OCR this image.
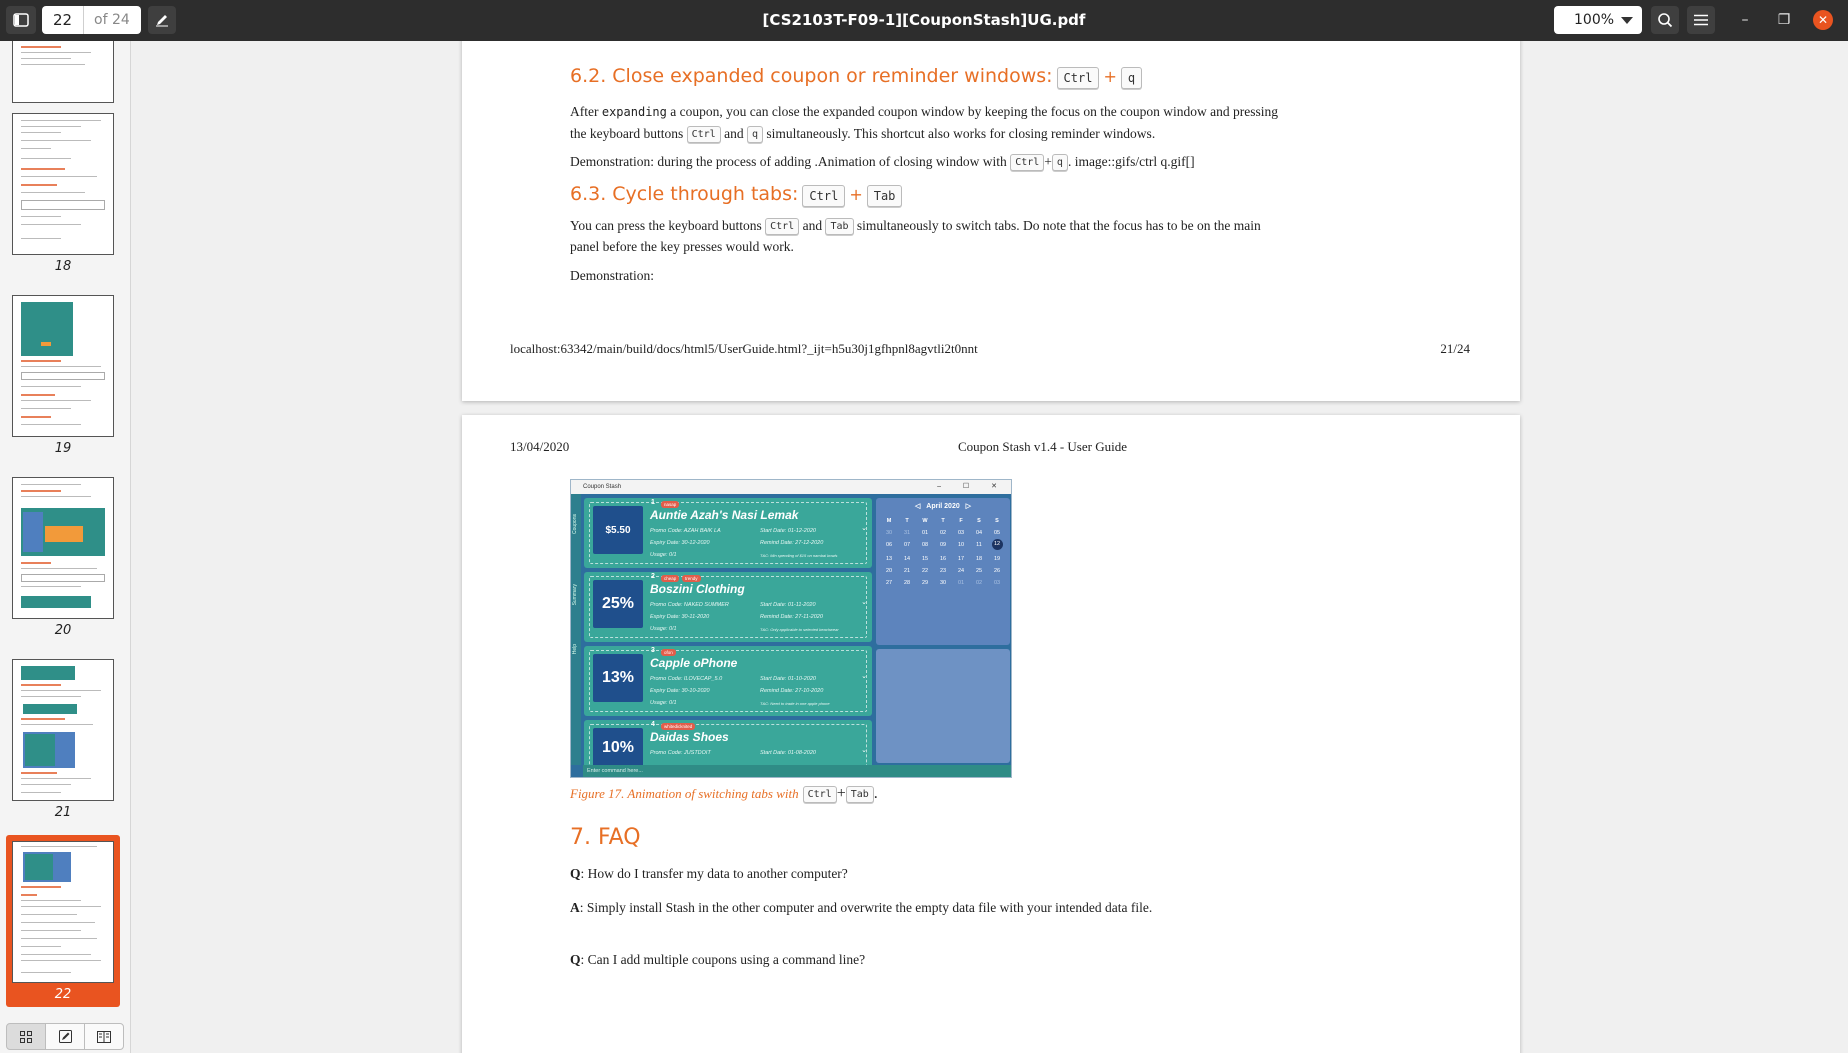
22
of 24	[CS2103T-F09-1][CouponStash]UG.pdf	100%	– ❐ ✕
18
19
20
21
22
6.2. Close expanded coupon or reminder windows: Ctrl + q
After expanding a coupon, you can close the expanded coupon window by keeping the focus on the coupon window and pressing the keyboard buttons Ctrl and q simultaneously. This shortcut also works for closing reminder windows.
Demonstration: during the process of adding .Animation of closing window with Ctrl + q . image::gifs/ctrl q.gif[]
6.3. Cycle through tabs: Ctrl + Tab
You can press the keyboard buttons Ctrl and Tab simultaneously to switch tabs. Do note that the focus has to be on the main panel before the key presses would work.
Demonstration:
localhost:63342/main/build/docs/html5/UserGuide.html?_ijt=h5u30j1gfhpnl8agvtli2t0nnt	21/24
13/04/2020	Coupon Stash v1.4 - User Guide
Coupon Stash	– ☐ ✕
Coupons
Summary
Help
$5.50
1	nasap
Auntie Azah's Nasi Lemak
Promo Code: AZAH BAIK LA
Expiry Date: 30-12-2020
Usage: 0/1
Start Date: 01-12-2020
Remind Date: 27-12-2020
T&C: Min spending of $15 on nambai bowls
⌄
25%
2	cheap	trendy
Boszini Clothing
Promo Code: NAKED SUMMER
Expiry Date: 30-11-2020
Usage: 0/1
Start Date: 01-11-2020
Remind Date: 27-11-2020
T&C: Only applicable to selected beachwear
⌄
13%
3	ofon
Capple oPhone
Promo Code: ILOVECAP_5.0
Expiry Date: 30-10-2020
Usage: 0/1
Start Date: 01-10-2020
Remind Date: 27-10-2020
T&C: Need to trade in one apple phone
⌄
10%
4	whitedicknited
Daidas Shoes
Promo Code: JUSTDOIT	Start Date: 01-08-2020	⌄
◁ April 2020 ▷
M	T	W	T	F	S	S
30	31	01	02	03	04	05
06	07	08	09	10	11	12
13	14	15	16	17	18	19
20	21	22	23	24	25	26
27	28	29	30	01	02	03
Enter command here...
Figure 17. Animation of switching tabs with Ctrl + Tab .
7. FAQ
Q: How do I transfer my data to another computer?
A: Simply install Stash in the other computer and overwrite the empty data file with your intended data file.
Q: Can I add multiple coupons using a command line?
